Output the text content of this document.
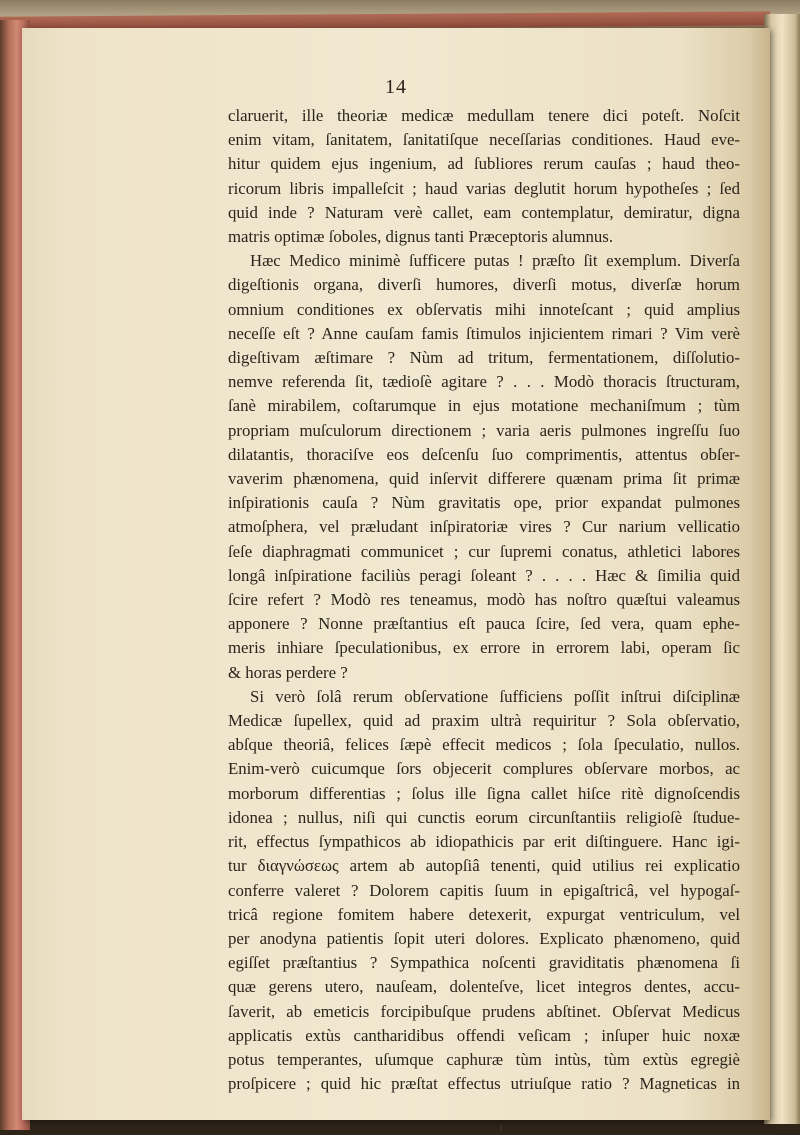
14
claruerit, ille theoriæ medicæ medullam tenere dici poteſt. Noſcit
enim vitam, ſanitatem, ſanitatiſque neceſſarias conditiones. Haud eve-
hitur quidem ejus ingenium, ad ſubliores rerum cauſas ; haud theo-
ricorum libris impalleſcit ; haud varias deglutit horum hypotheſes ; ſed
quid inde ? Naturam verè callet, eam contemplatur, demiratur, digna
matris optimæ ſoboles, dignus tanti Præceptoris alumnus.
Hæc Medico minimè ſufficere putas ! præſto ſit exemplum. Diverſa
digeſtionis organa, diverſi humores, diverſi motus, diverſæ horum
omnium conditiones ex obſervatis mihi innoteſcant ; quid amplius
neceſſe eſt ? Anne cauſam famis ſtimulos injicientem rimari ? Vim verè
digeſtivam æſtimare ? Nùm ad tritum, fermentationem, diſſolutio-
nemve referenda ſit, tædioſè agitare ? . . . Modò thoracis ſtructuram,
ſanè mirabilem, coſtarumque in ejus motatione mechaniſmum ; tùm
propriam muſculorum directionem ; varia aeris pulmones ingreſſu ſuo
dilatantis, thoraciſve eos deſcenſu ſuo comprimentis, attentus obſer-
vaverim phænomena, quid inſervit differere quænam prima ſit primæ
inſpirationis cauſa ? Nùm gravitatis ope, prior expandat pulmones
atmoſphera, vel præludant inſpiratoriæ vires ? Cur narium vellicatio
ſeſe diaphragmati communicet ; cur ſupremi conatus, athletici labores
longâ inſpiratione faciliùs peragi ſoleant ? . . . . Hæc & ſimilia quid
ſcire refert ? Modò res teneamus, modò has noſtro quæſtui valeamus
apponere ? Nonne præſtantius eſt pauca ſcire, ſed vera, quam ephe-
meris inhiare ſpeculationibus, ex errore in errorem labi, operam ſic
& horas perdere ?
Si verò ſolâ rerum obſervatione ſufficiens poſſit inſtrui diſciplinæ
Medicæ ſupellex, quid ad praxim ultrà requiritur ? Sola obſervatio,
abſque theoriâ, felices ſæpè effecit medicos ; ſola ſpeculatio, nullos.
Enim-verò cuicumque ſors objecerit complures obſervare morbos, ac
morborum differentias ; ſolus ille ſigna callet hiſce ritè dignoſcendis
idonea ; nullus, niſi qui cunctis eorum circunſtantiis religioſè ſtudue-
rit, effectus ſympathicos ab idiopathicis par erit diſtinguere. Hanc igi-
tur διαγνώσεως artem ab autopſiâ tenenti, quid utilius rei explicatio
conferre valeret ? Dolorem capitis ſuum in epigaſtricâ, vel hypogaſ-
tricâ regione fomitem habere detexerit, expurgat ventriculum, vel
per anodyna patientis ſopit uteri dolores. Explicato phænomeno, quid
egiſſet præſtantius ? Sympathica noſcenti graviditatis phænomena ſi
quæ gerens utero, nauſeam, dolenteſve, licet integros dentes, accu-
ſaverit, ab emeticis forcipibuſque prudens abſtinet. Obſervat Medicus
applicatis extùs cantharidibus offendi veſicam ; inſuper huic noxæ
potus temperantes, uſumque caphuræ tùm intùs, tùm extùs egregiè
proſpicere ; quid hic præſtat effectus utriuſque ratio ? Magneticas in
